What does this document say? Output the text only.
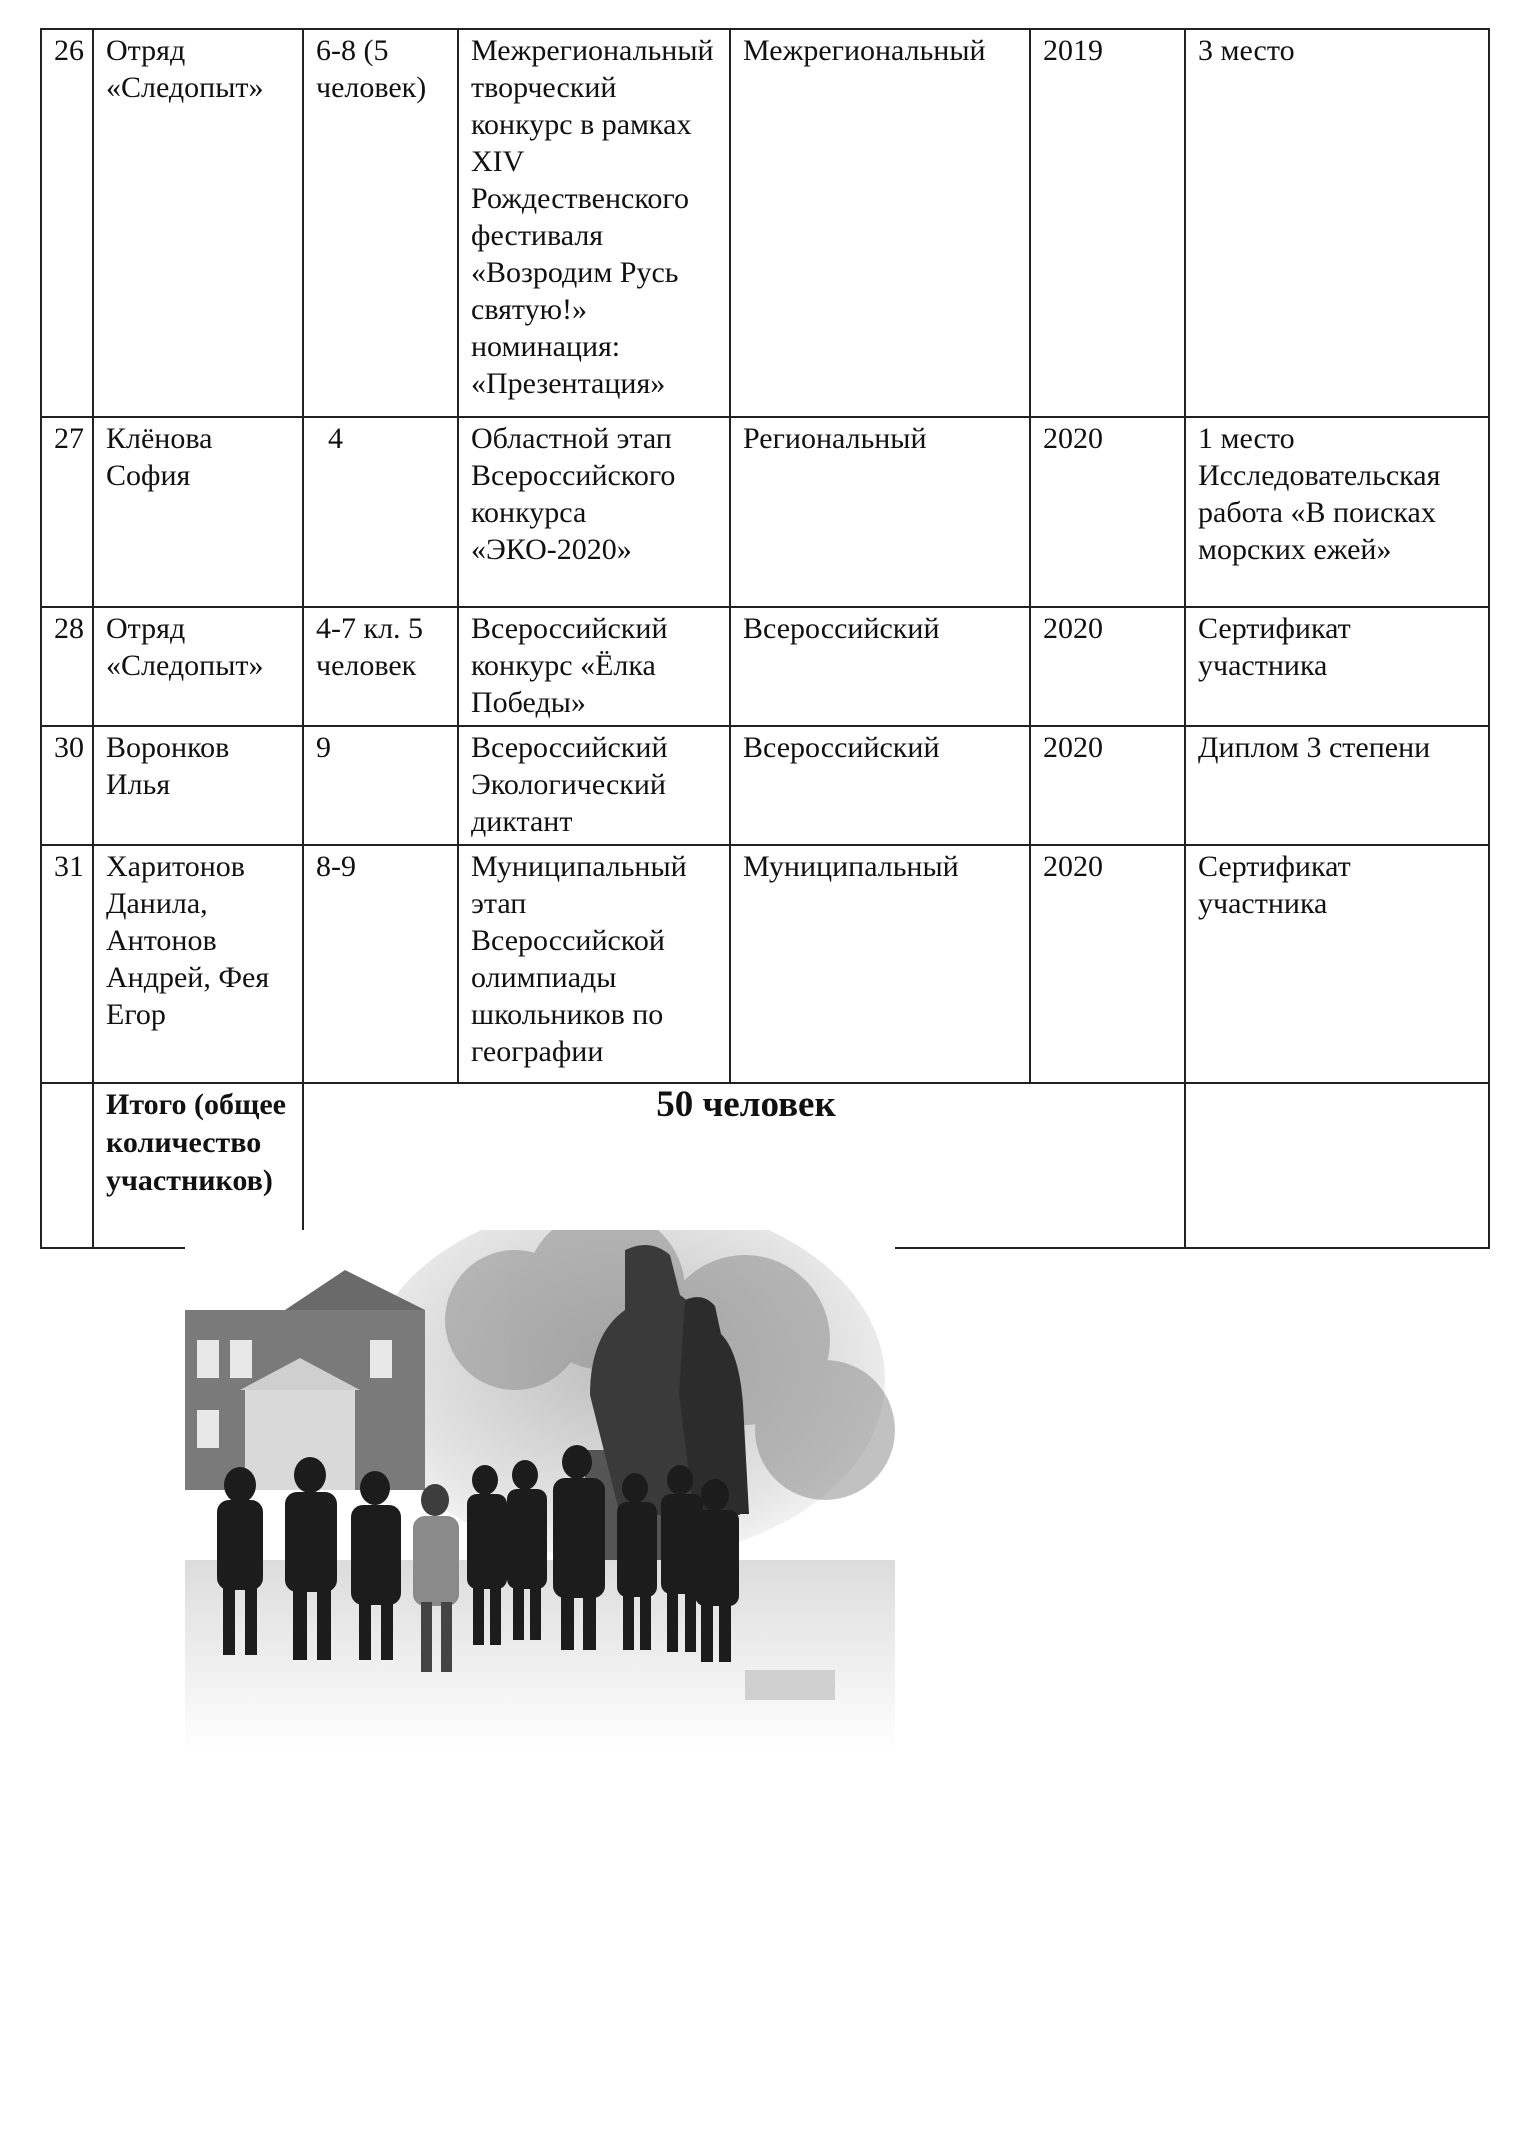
26	Отряд «Следопыт»	6-8 (5 человек)	Межрегиональный творческий конкурс в рамках XIV Рождественского фестиваля «Возродим Русь святую!» номинация: «Презентация»	Межрегиональный	2019	3 место
27	Клёнова София	4	Областной этап Всероссийского конкурса «ЭКО-2020»	Региональный	2020	1 место Исследовательская работа «В поисках морских ежей»
28	Отряд «Следопыт»	4-7 кл. 5 человек	Всероссийский конкурс «Ёлка Победы»	Всероссийский	2020	Сертификат участника
30	Воронков Илья	9	Всероссийский Экологический диктант	Всероссийский	2020	Диплом 3 степени
31	Харитонов Данила, Антонов Андрей, Фея Егор	8-9	Муниципальный этап Всероссийской олимпиады школьников по географии	Муниципальный	2020	Сертификат участника
	Итого (общее количество участников)	50 человек				
